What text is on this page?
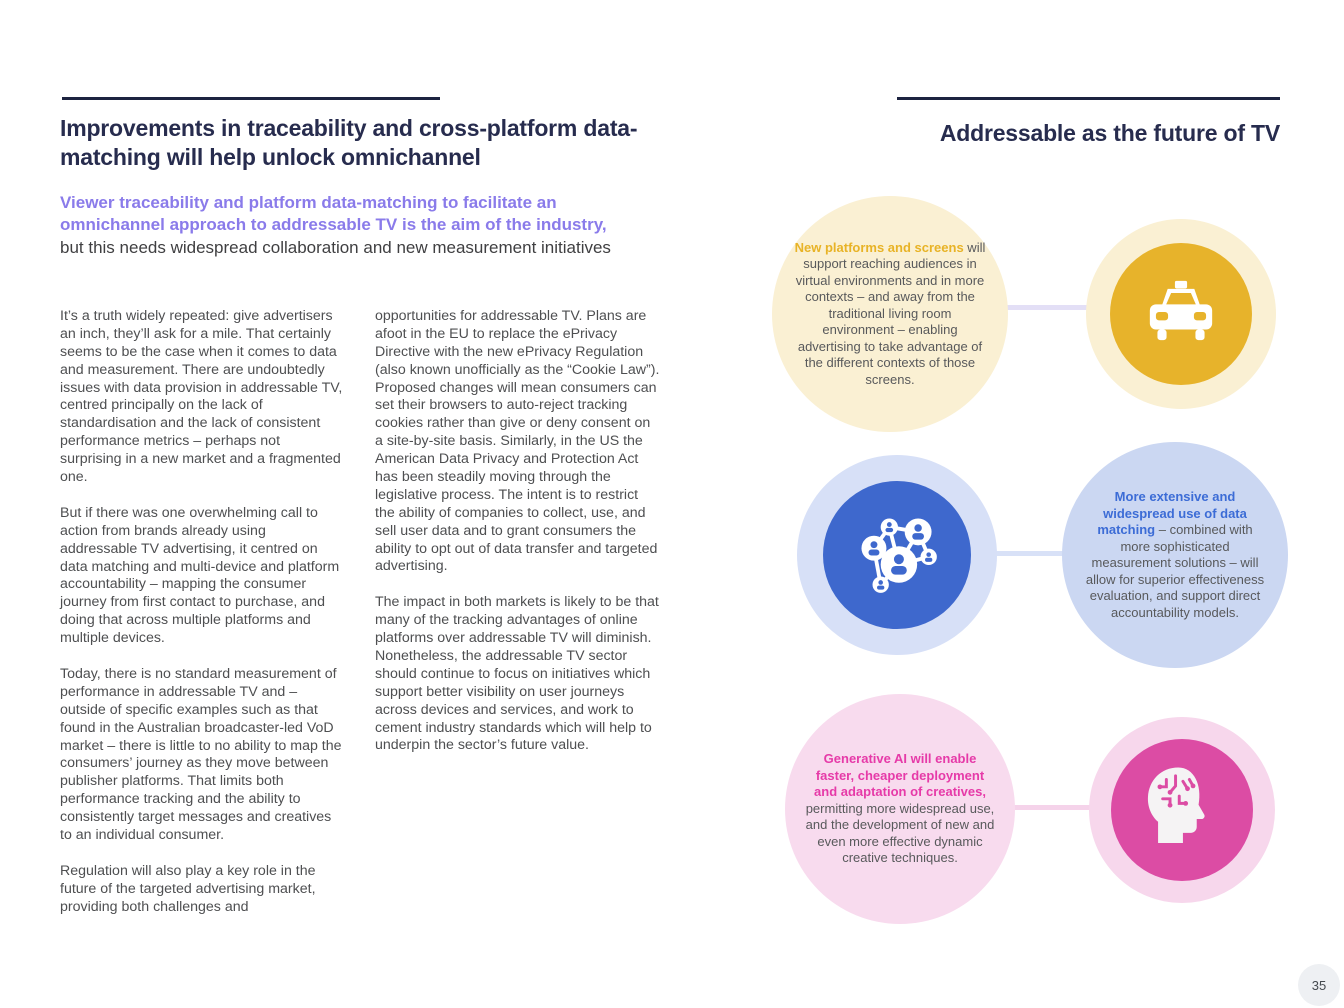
Improvements in traceability and cross-platform data-matching will help unlock omnichannel

Viewer traceability and platform data-matching to facilitate an omnichannel approach to addressable TV is the aim of the industry, but this needs widespread collaboration and new measurement initiatives

It’s a truth widely repeated: give advertisers an inch, they’ll ask for a mile. That certainly seems to be the case when it comes to data and measurement. There are undoubtedly issues with data provision in addressable TV, centred principally on the lack of standardisation and the lack of consistent performance metrics – perhaps not surprising in a new market and a fragmented one.

But if there was one overwhelming call to action from brands already using addressable TV advertising, it centred on data matching and multi-device and platform accountability – mapping the consumer journey from first contact to purchase, and doing that across multiple platforms and multiple devices.

Today, there is no standard measurement of performance in addressable TV and – outside of specific examples such as that found in the Australian broadcaster-led VoD market – there is little to no ability to map the consumers’ journey as they move between publisher platforms. That limits both performance tracking and the ability to consistently target messages and creatives to an individual consumer.

Regulation will also play a key role in the future of the targeted advertising market, providing both challenges and

opportunities for addressable TV. Plans are afoot in the EU to replace the ePrivacy Directive with the new ePrivacy Regulation (also known unofficially as the “Cookie Law”). Proposed changes will mean consumers can set their browsers to auto-reject tracking cookies rather than give or deny consent on a site-by-site basis. Similarly, in the US the American Data Privacy and Protection Act has been steadily moving through the legislative process. The intent is to restrict the ability of companies to collect, use, and sell user data and to grant consumers the ability to opt out of data transfer and targeted advertising.

The impact in both markets is likely to be that many of the tracking advantages of online platforms over addressable TV will diminish. Nonetheless, the addressable TV sector should continue to focus on initiatives which support better visibility on user journeys across devices and services, and work to cement industry standards which will help to underpin the sector’s future value.

Addressable as the future of TV
New platforms and screens will support reaching audiences in virtual environments and in more contexts – and away from the traditional living room environment – enabling advertising to take advantage of the different contexts of those screens.
More extensive and widespread use of data matching – combined with more sophisticated measurement solutions – will allow for superior effectiveness evaluation, and support direct accountability models.
Generative AI will enable faster, cheaper deployment and adaptation of creatives, permitting more widespread use, and the development of new and even more effective dynamic creative techniques.
35
